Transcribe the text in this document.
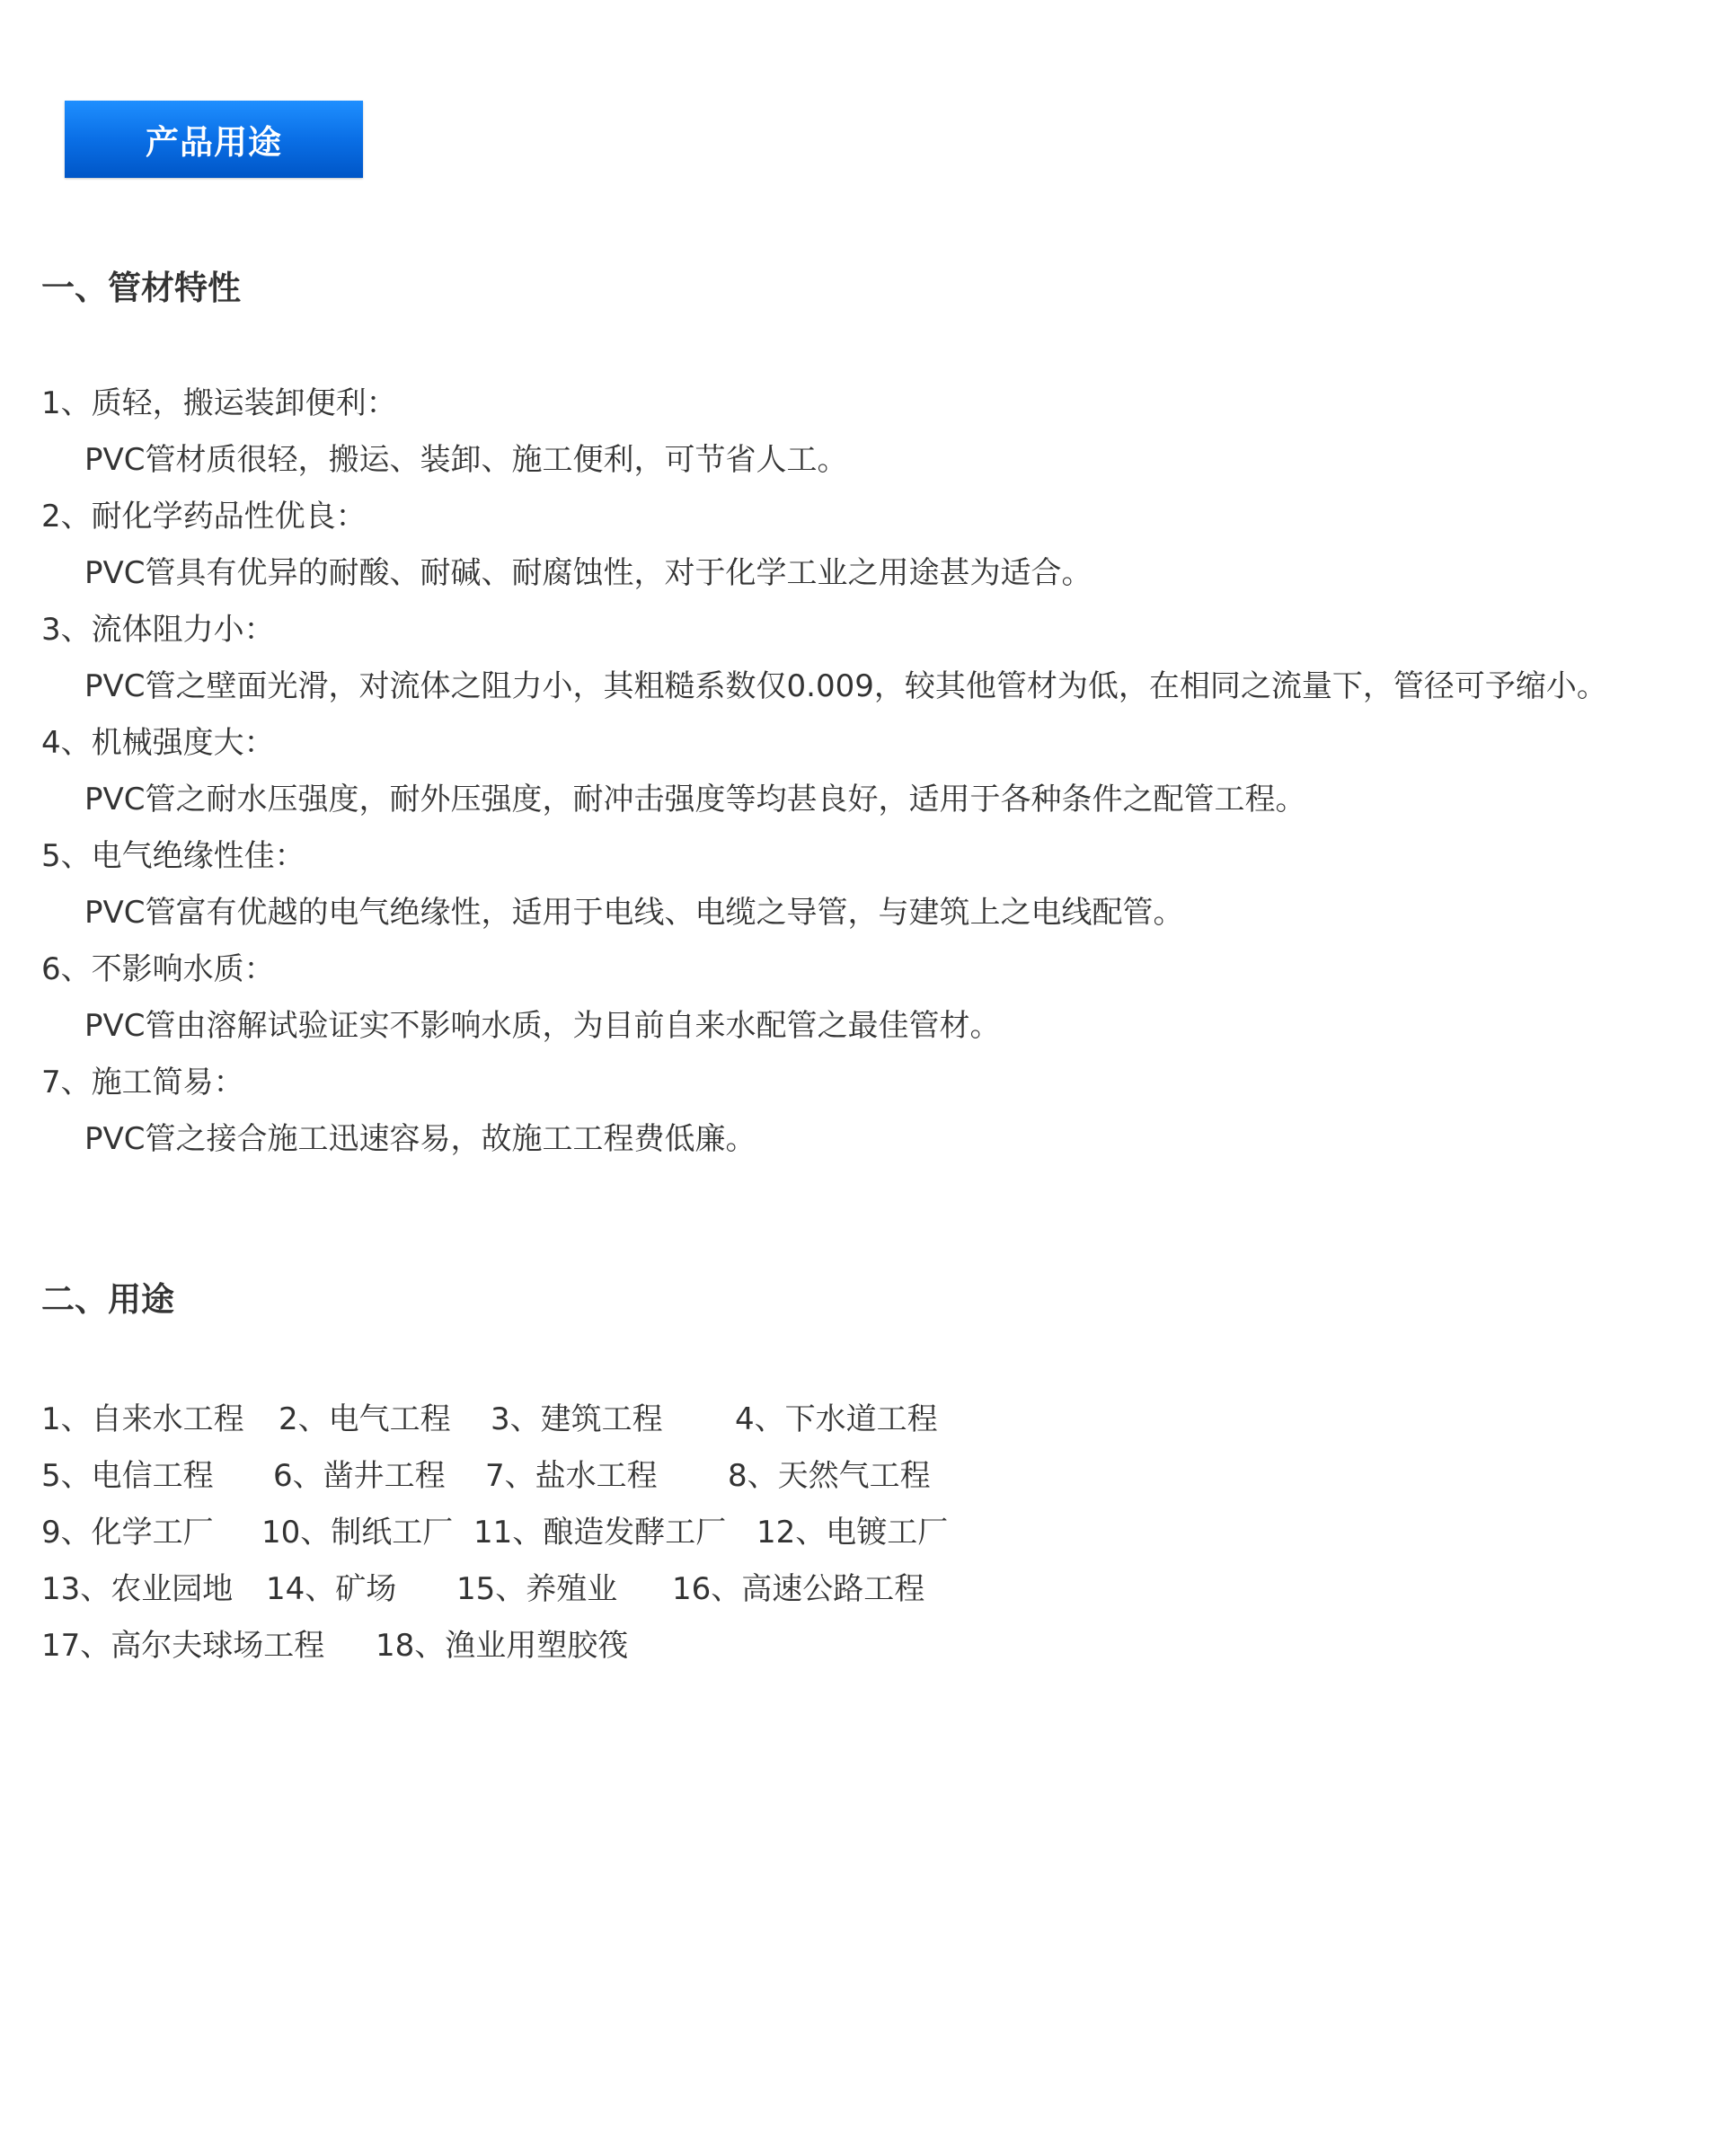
产品用途
一、管材特性

1、质轻，搬运装卸便利：

PVC管材质很轻，搬运、装卸、施工便利，可节省人工。

2、耐化学药品性优良：

PVC管具有优异的耐酸、耐碱、耐腐蚀性，对于化学工业之用途甚为适合。

3、流体阻力小：

PVC管之壁面光滑，对流体之阻力小，其粗糙系数仅0.009，较其他管材为低，在相同之流量下，管径可予缩小。

4、机械强度大：

PVC管之耐水压强度，耐外压强度，耐冲击强度等均甚良好，适用于各种条件之配管工程。

5、电气绝缘性佳：

PVC管富有优越的电气绝缘性，适用于电线、电缆之导管，与建筑上之电线配管。

6、不影响水质：

PVC管由溶解试验证实不影响水质，为目前自来水配管之最佳管材。

7、施工简易：

PVC管之接合施工迅速容易，故施工工程费低廉。

二、用途
1、自来水工程	2、电气工程	3、建筑工程	4、下水道工程
5、电信工程	6、凿井工程	7、盐水工程	8、天然气工程
9、化学工厂	10、制纸工厂 11、酿造发酵工厂 12、电镀工厂
13、农业园地	14、矿场	15、养殖业	16、高速公路工程
17、高尔夫球场工程	18、渔业用塑胶筏
